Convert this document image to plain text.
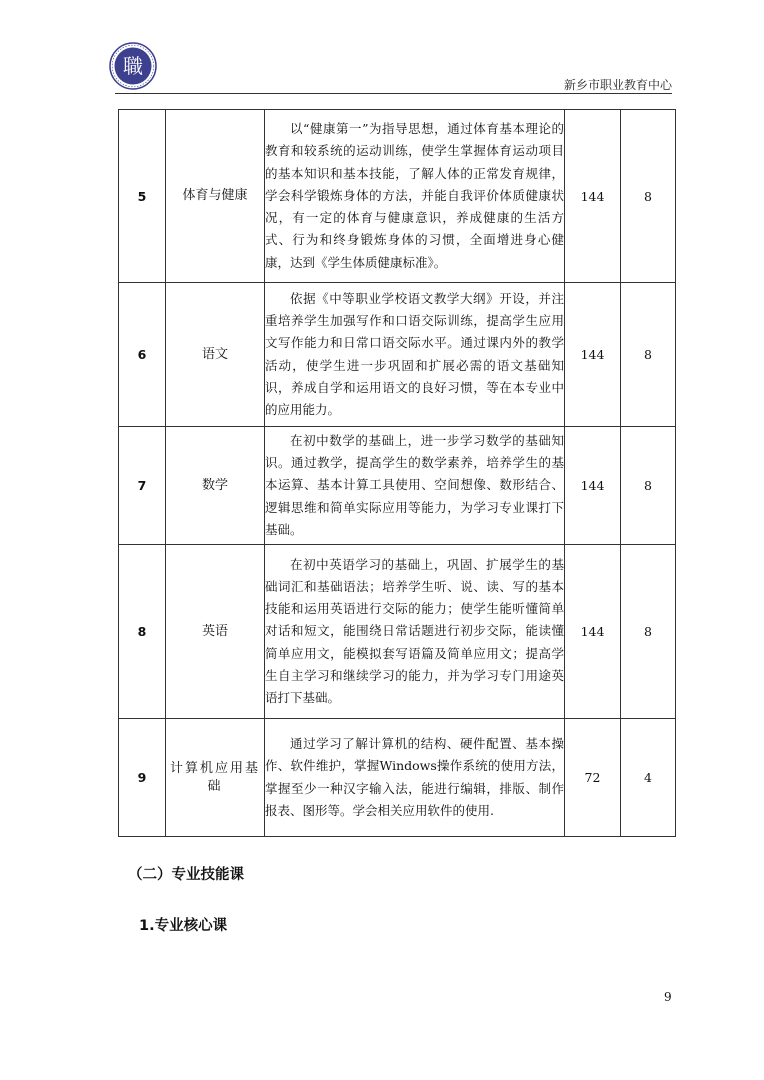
職
新乡市职业教育中心
5	体育与健康	以“健康第一”为指导思想，通过体育基本理论的教育和较系统的运动训练，使学生掌握体育运动项目的基本知识和基本技能，了解人体的正常发育规律，学会科学锻炼身体的方法，并能自我评价体质健康状况，有一定的体育与健康意识，养成健康的生活方式、行为和终身锻炼身体的习惯，全面增进身心健康，达到《学生体质健康标准》。	144	8
6	语文	依据《中等职业学校语文教学大纲》开设，并注重培养学生加强写作和口语交际训练，提高学生应用文写作能力和日常口语交际水平。通过课内外的教学活动，使学生进一步巩固和扩展必需的语文基础知识，养成自学和运用语文的良好习惯，等在本专业中的应用能力。	144	8
7	数学	在初中数学的基础上，进一步学习数学的基础知识。通过教学，提高学生的数学素养，培养学生的基本运算、基本计算工具使用、空间想像、数形结合、逻辑思维和简单实际应用等能力，为学习专业课打下基础。	144	8
8	英语	在初中英语学习的基础上，巩固、扩展学生的基础词汇和基础语法；培养学生听、说、读、写的基本技能和运用英语进行交际的能力；使学生能听懂简单对话和短文，能围绕日常话题进行初步交际，能读懂简单应用文，能模拟套写语篇及简单应用文；提高学生自主学习和继续学习的能力，并为学习专门用途英语打下基础。	144	8
9	计算机应用基础	通过学习了解计算机的结构、硬件配置、基本操作、软件维护，掌握Windows操作系统的使用方法，掌握至少一种汉字输入法，能进行编辑，排版、制作报表、图形等。学会相关应用软件的使用.	72	4
（二）专业技能课
1.专业核心课
9
